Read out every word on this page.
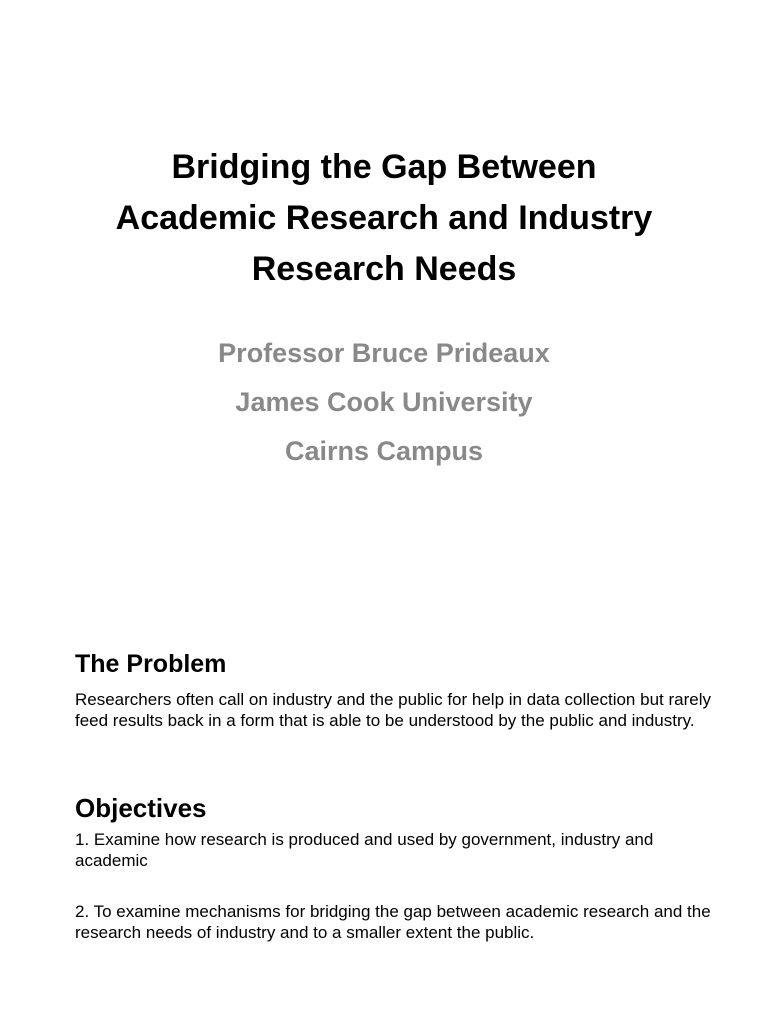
Bridging the Gap Between
Academic Research and Industry
Research Needs
Professor Bruce Prideaux
James Cook University
Cairns Campus
The Problem

Researchers often call on industry and the public for help in data collection but rarely feed results back in a form that is able to be understood by the public and industry.

Objectives

1. Examine how research is produced and used by government, industry and academic

2. To examine mechanisms for bridging the gap between academic research and the research needs of industry and to a smaller extent the public.
